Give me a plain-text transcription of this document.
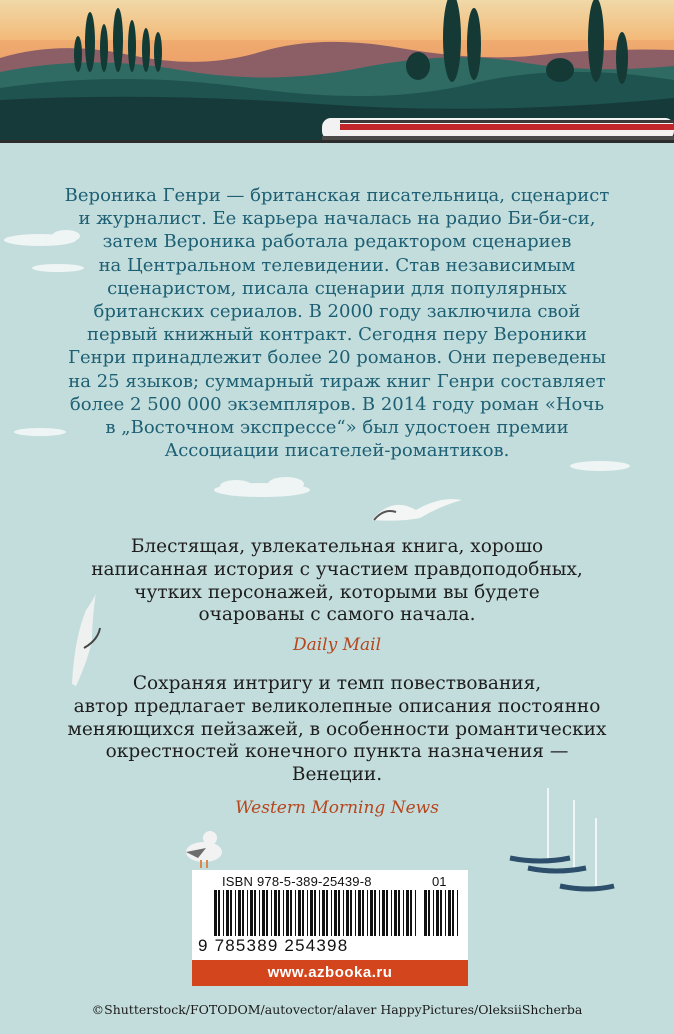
Вероника Генри — британская писательница, сценарист
и журналист. Ее карьера началась на радио Би-би-си,
затем Вероника работала редактором сценариев
на Центральном телевидении. Став независимым
сценаристом, писала сценарии для популярных
британских сериалов. В 2000 году заключила свой
первый книжный контракт. Сегодня перу Вероники
Генри принадлежит более 20 романов. Они переведены
на 25 языков; суммарный тираж книг Генри составляет
более 2 500 000 экземпляров. В 2014 году роман «Ночь
в „Восточном экспрессе“» был удостоен премии
Ассоциации писателей-романтиков.
Блестящая, увлекательная книга, хорошо
написанная история с участием правдоподобных,
чутких персонажей, которыми вы будете
очарованы с самого начала.
Daily Mail
Сохраняя интригу и темп повествования,
автор предлагает великолепные описания постоянно
меняющихся пейзажей, в особенности романтических
окрестностей конечного пункта назначения —
Венеции.
Western Morning News
ISBN 978-5-389-25439-8	01
9 785389 254398
www.azbooka.ru
©Shutterstock/FOTODOM/autovector/alaver HappyPictures/OleksiiShcherba
